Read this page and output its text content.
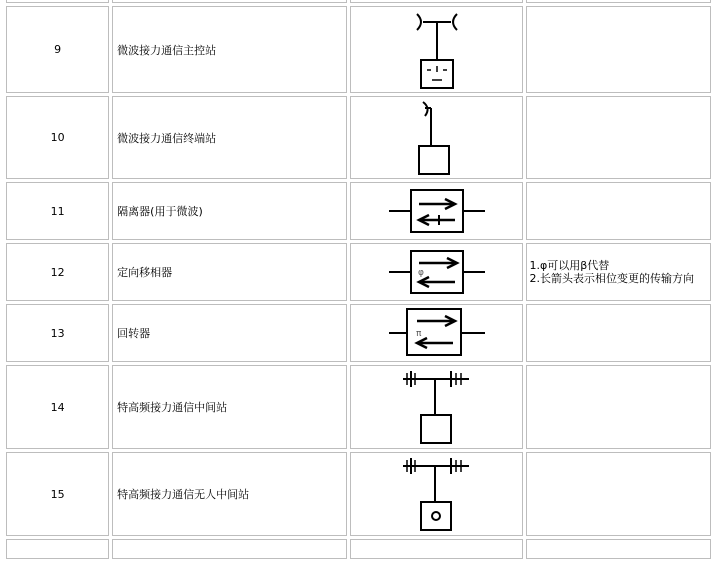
9	微波接力通信主控站	

10	微波接力通信终端站	

11	隔离器(用于微波)	

12	定向移相器	φ	1.φ可以用β代替
2.长箭头表示相位变更的传输方向

13	回转器	π	

14	特高频接力通信中间站	

15	特高频接力通信无人中间站	
